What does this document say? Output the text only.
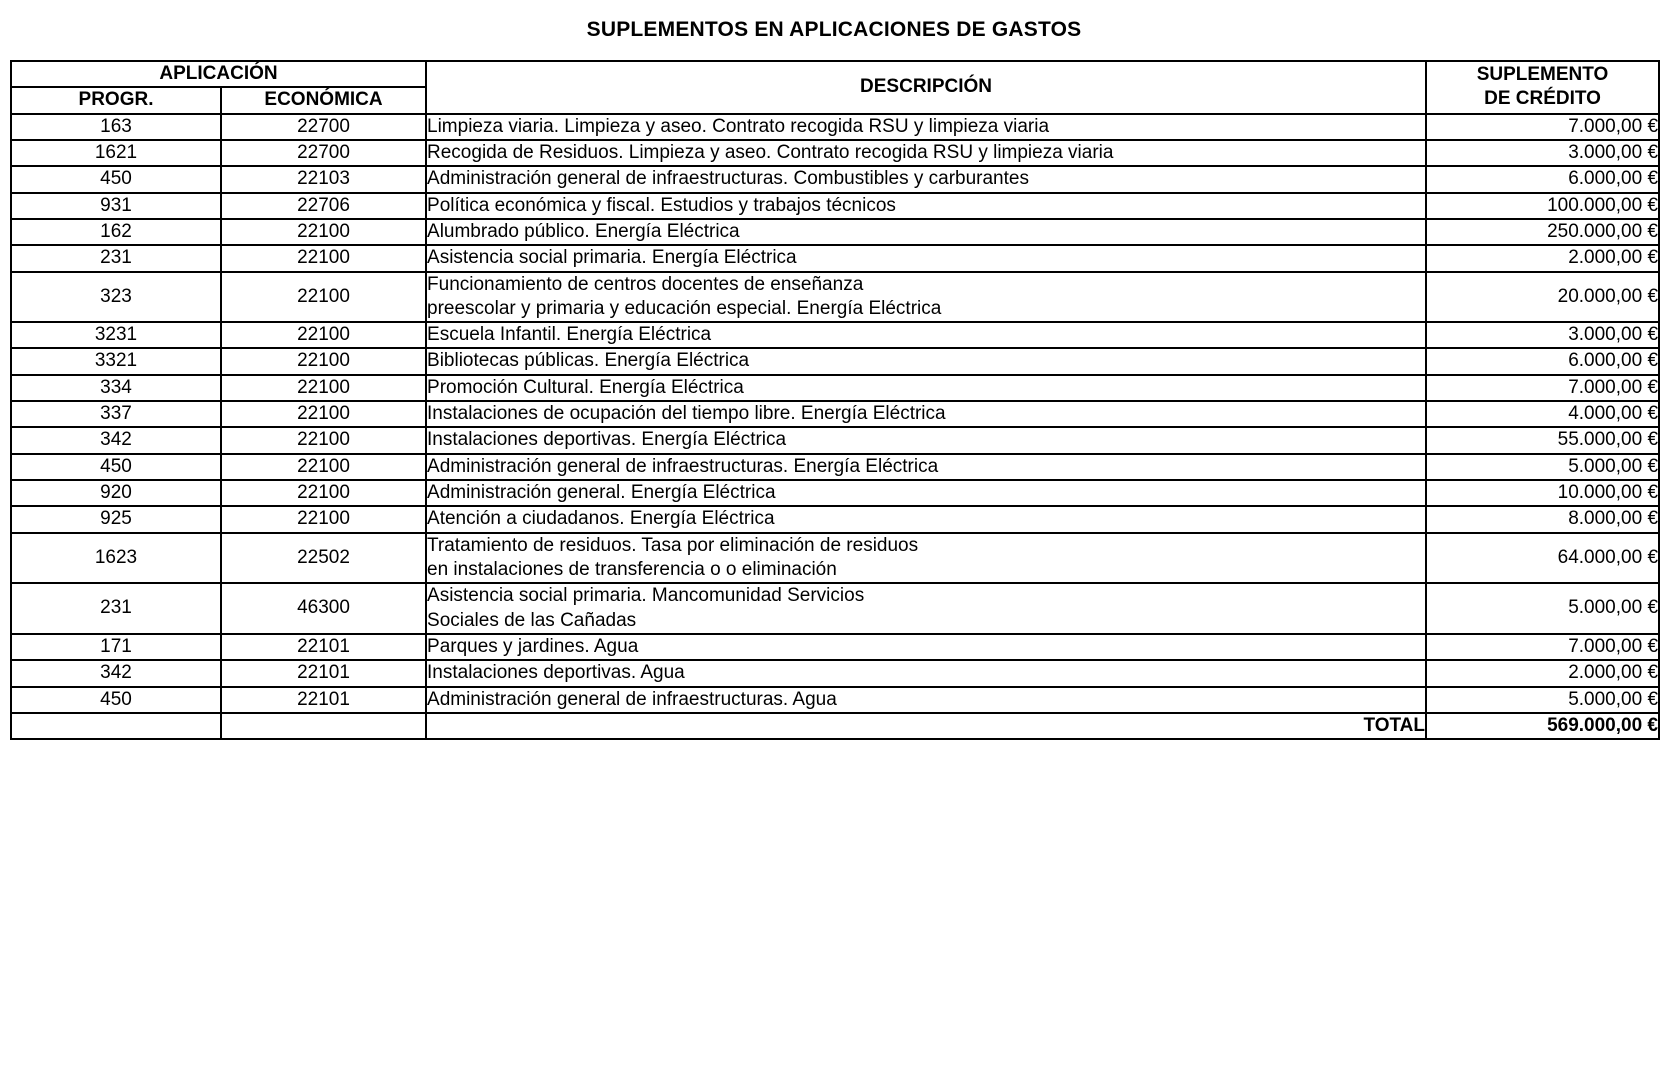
SUPLEMENTOS EN APLICACIONES DE GASTOS
APLICACIÓN		DESCRIPCIÓN	SUPLEMENTO
DE CRÉDITO

PROGR.	ECONÓMICA		
163	22700	Limpieza viaria. Limpieza y aseo. Contrato recogida RSU y limpieza viaria	7.000,00 €
1621	22700	Recogida de Residuos. Limpieza y aseo. Contrato recogida RSU y limpieza viaria	3.000,00 €
450	22103	Administración general de infraestructuras. Combustibles y carburantes	6.000,00 €
931	22706	Política económica y fiscal. Estudios y trabajos técnicos	100.000,00 €
162	22100	Alumbrado público. Energía Eléctrica	250.000,00 €
231	22100	Asistencia social primaria. Energía Eléctrica	2.000,00 €
323	22100	Funcionamiento de centros docentes de enseñanza
preescolar y primaria y educación especial. Energía Eléctrica	20.000,00 €
3231	22100	Escuela Infantil. Energía Eléctrica	3.000,00 €
3321	22100	Bibliotecas públicas. Energía Eléctrica	6.000,00 €
334	22100	Promoción Cultural. Energía Eléctrica	7.000,00 €
337	22100	Instalaciones de ocupación del tiempo libre. Energía Eléctrica	4.000,00 €
342	22100	Instalaciones deportivas. Energía Eléctrica	55.000,00 €
450	22100	Administración general de infraestructuras. Energía Eléctrica	5.000,00 €
920	22100	Administración general. Energía Eléctrica	10.000,00 €
925	22100	Atención a ciudadanos. Energía Eléctrica	8.000,00 €
1623	22502	Tratamiento de residuos. Tasa por eliminación de residuos
en instalaciones de transferencia o o eliminación	64.000,00 €
231	46300	Asistencia social primaria. Mancomunidad Servicios
Sociales de las Cañadas	5.000,00 €
171	22101	Parques y jardines. Agua	7.000,00 €
342	22101	Instalaciones deportivas. Agua	2.000,00 €
450	22101	Administración general de infraestructuras. Agua	5.000,00 €
		TOTAL	569.000,00 €
